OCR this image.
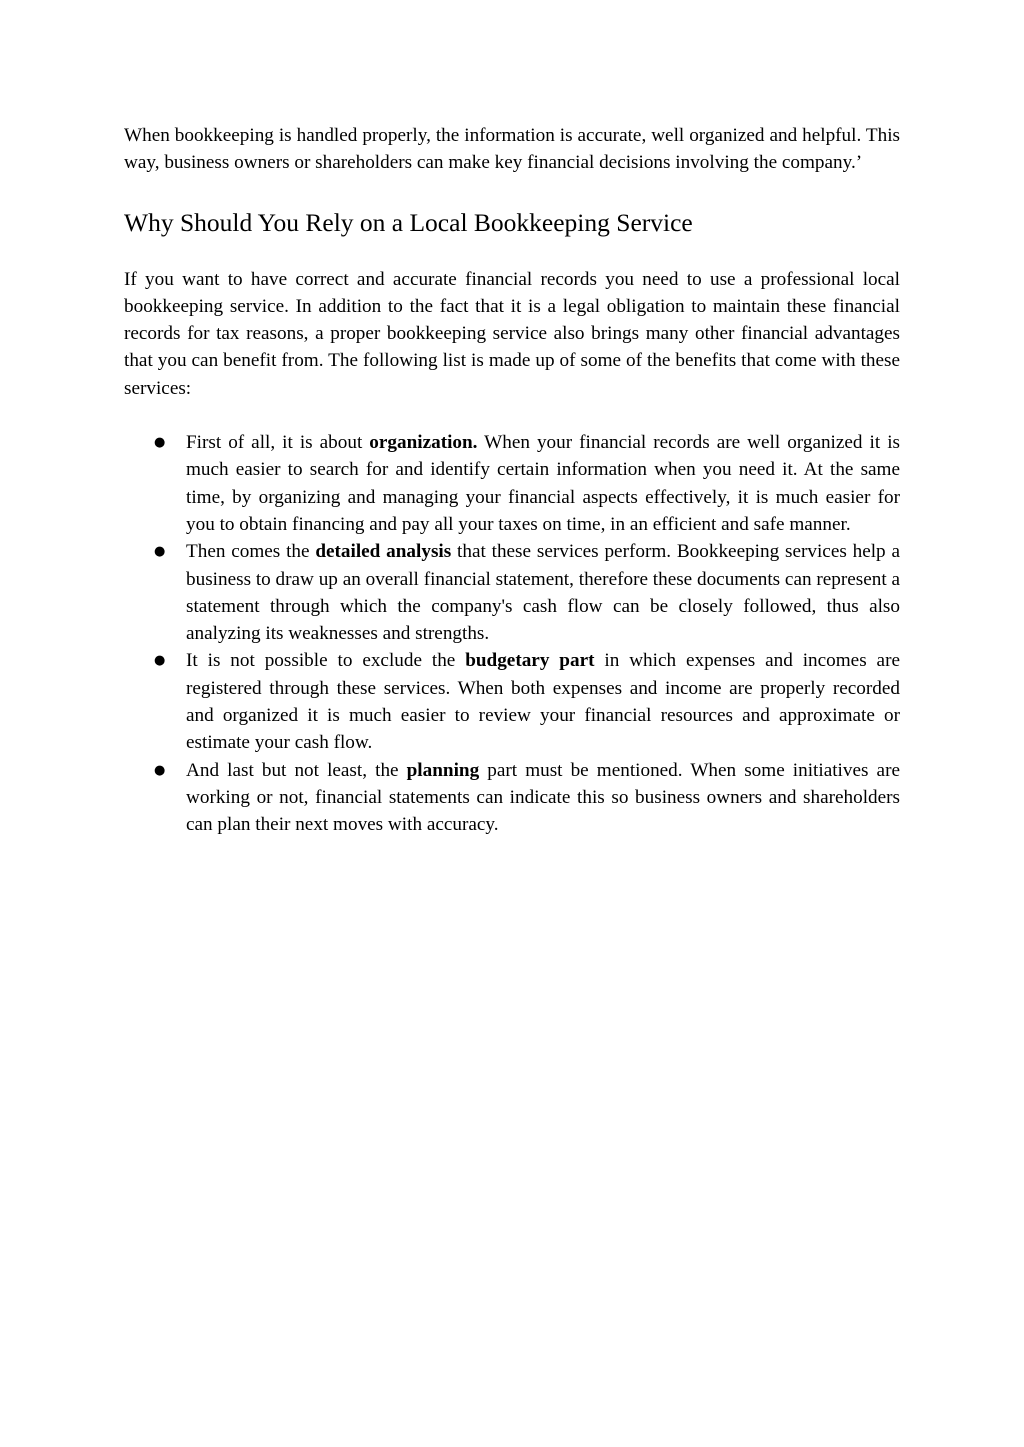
When bookkeeping is handled properly, the information is accurate, well organized and helpful. This way, business owners or shareholders can make key financial decisions involving the company.’

Why Should You Rely on a Local Bookkeeping Service

If you want to have correct and accurate financial records you need to use a professional local bookkeeping service. In addition to the fact that it is a legal obligation to maintain these financial records for tax reasons, a proper bookkeeping service also brings many other financial advantages that you can benefit from. The following list is made up of some of the benefits that come with these services:

● First of all, it is about organization. When your financial records are well organized it is much easier to search for and identify certain information when you need it. At the same time, by organizing and managing your financial aspects effectively, it is much easier for you to obtain financing and pay all your taxes on time, in an efficient and safe manner.
● Then comes the detailed analysis that these services perform. Bookkeeping services help a business to draw up an overall financial statement, therefore these documents can represent a statement through which the company's cash flow can be closely followed, thus also analyzing its weaknesses and strengths.
● It is not possible to exclude the budgetary part in which expenses and incomes are registered through these services. When both expenses and income are properly recorded and organized it is much easier to review your financial resources and approximate or estimate your cash flow.
● And last but not least, the planning part must be mentioned. When some initiatives are working or not, financial statements can indicate this so business owners and shareholders can plan their next moves with accuracy.
